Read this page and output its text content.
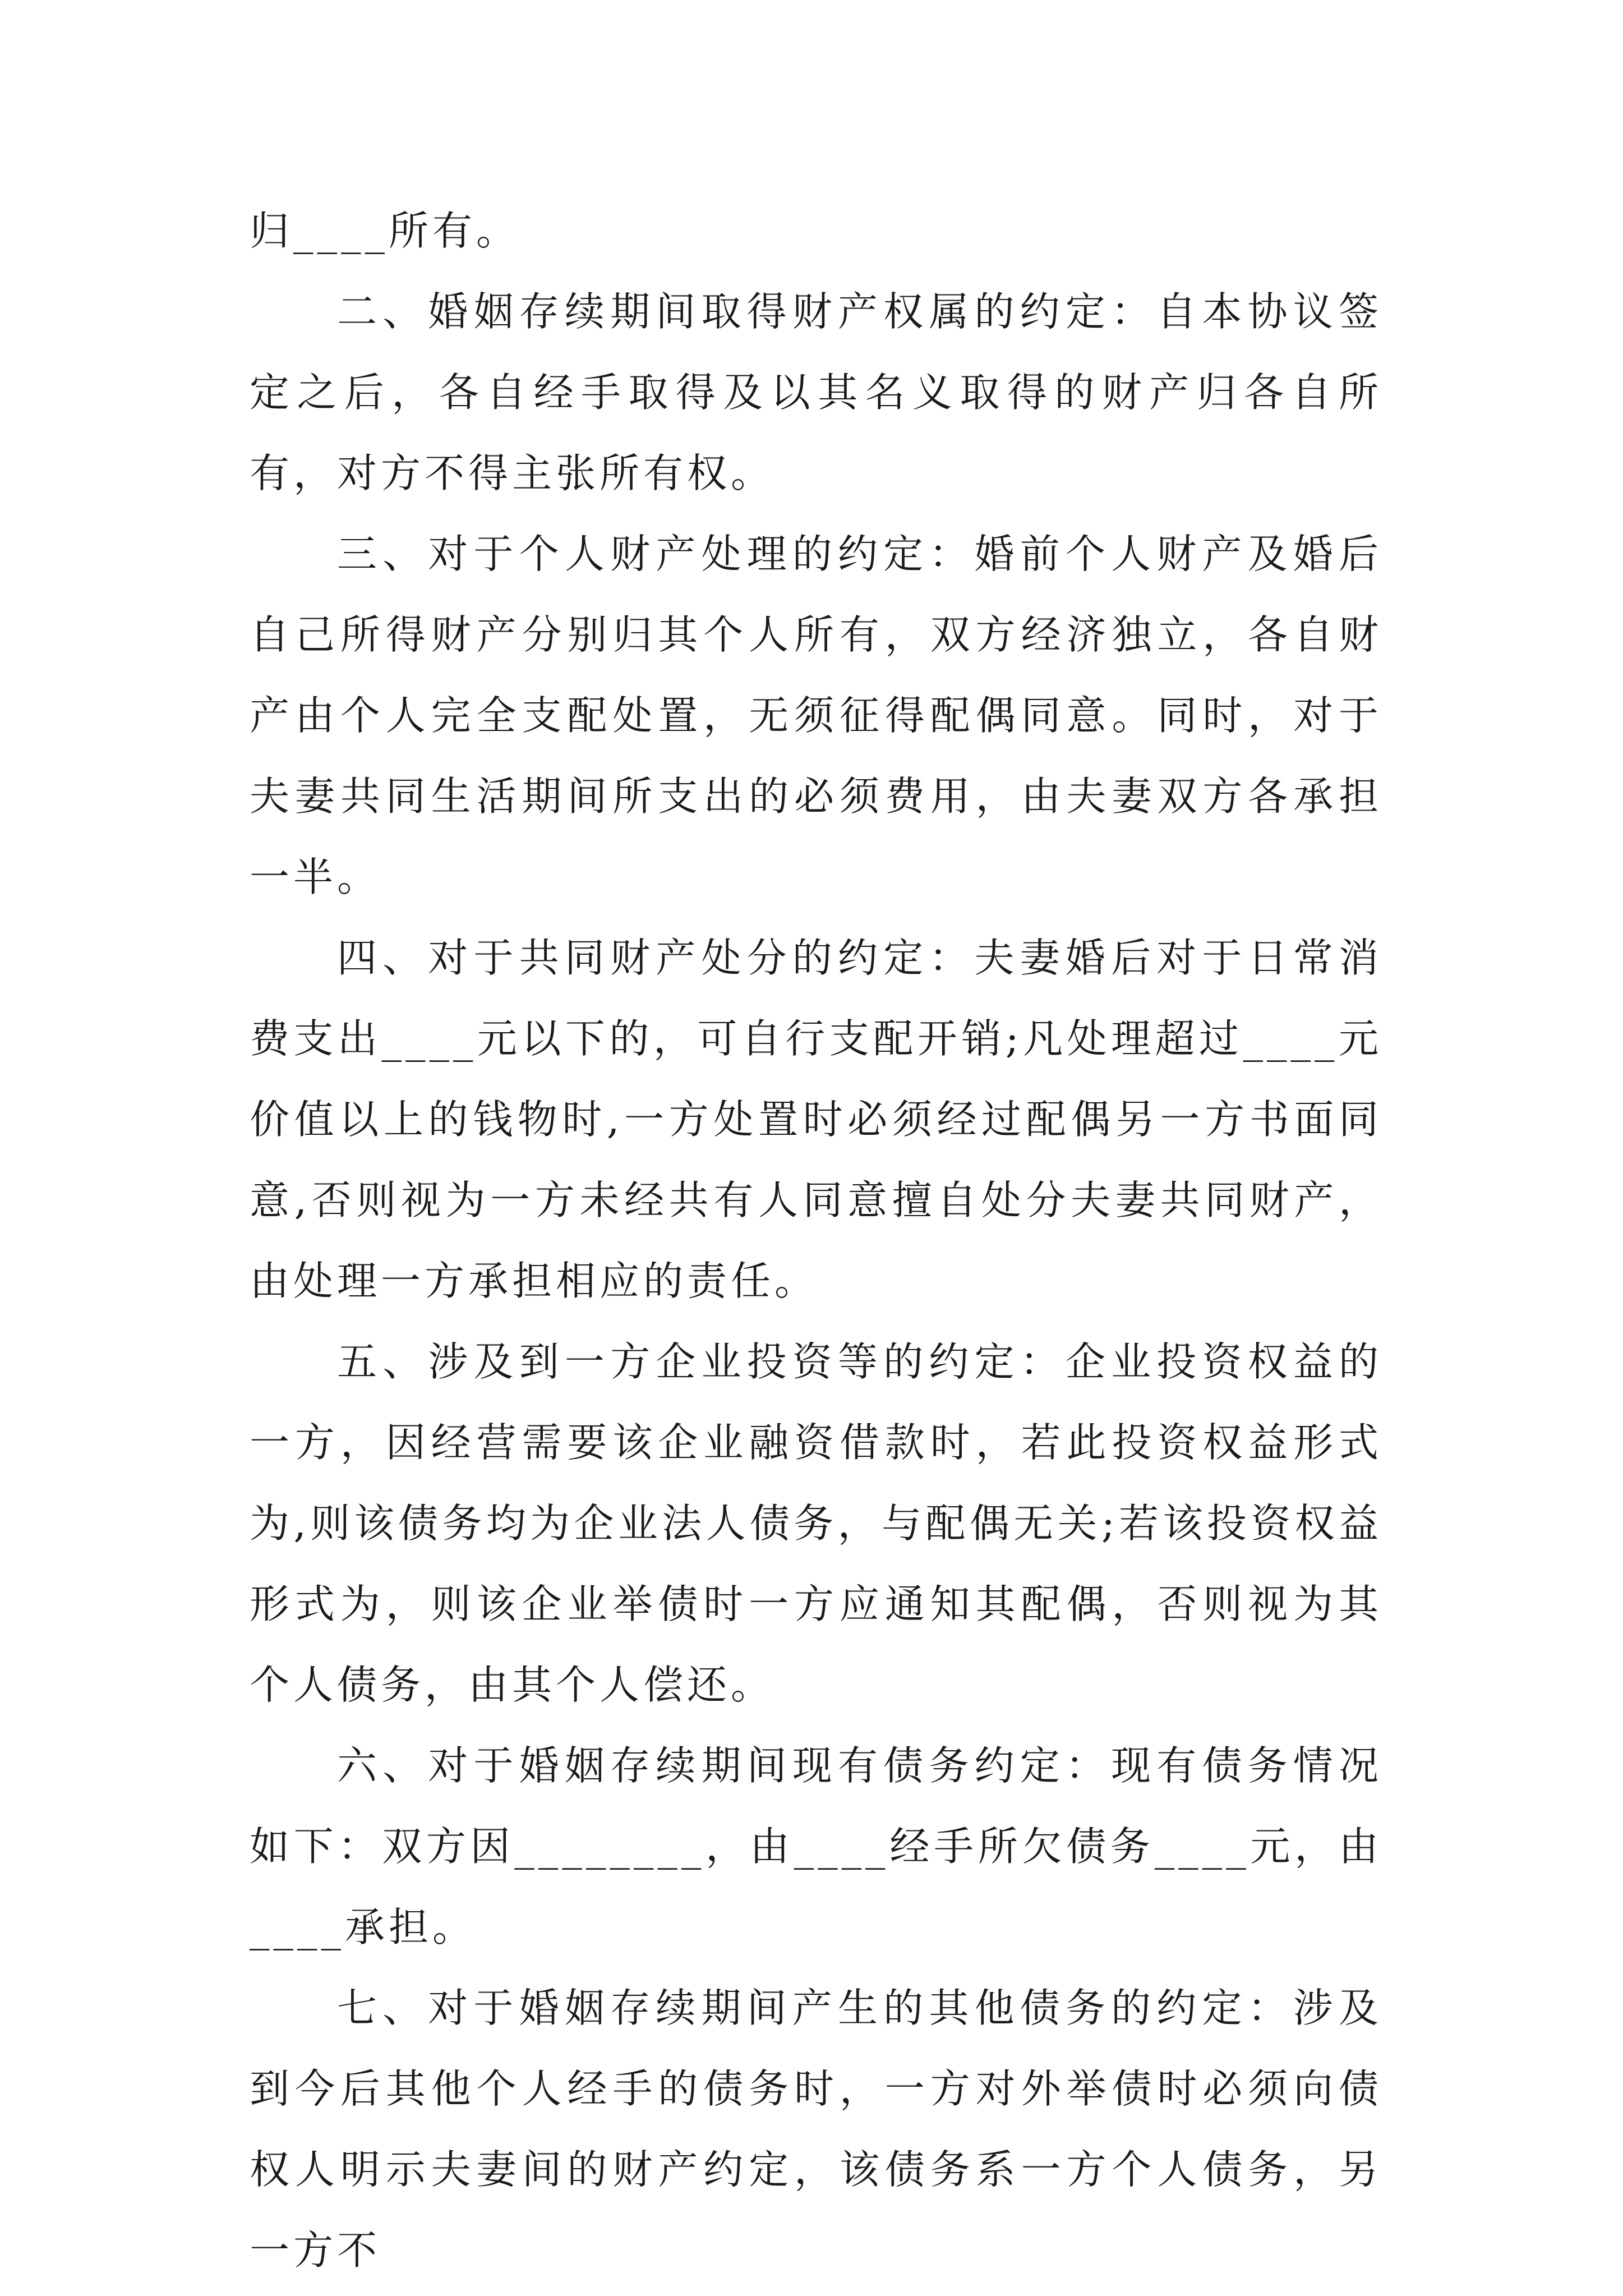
归____所有。

二、婚姻存续期间取得财产权属的约定：自本协议签定之后，各自经手取得及以其名义取得的财产归各自所有，对方不得主张所有权。

三、对于个人财产处理的约定：婚前个人财产及婚后自己所得财产分别归其个人所有，双方经济独立，各自财产由个人完全支配处置，无须征得配偶同意。同时，对于夫妻共同生活期间所支出的必须费用，由夫妻双方各承担一半。

四、对于共同财产处分的约定：夫妻婚后对于日常消费支出____元以下的，可自行支配开销;凡处理超过____元价值以上的钱物时,一方处置时必须经过配偶另一方书面同意,否则视为一方未经共有人同意擅自处分夫妻共同财产，由处理一方承担相应的责任。

五、涉及到一方企业投资等的约定：企业投资权益的一方，因经营需要该企业融资借款时，若此投资权益形式为,则该债务均为企业法人债务，与配偶无关;若该投资权益形式为，则该企业举债时一方应通知其配偶，否则视为其个人债务，由其个人偿还。

六、对于婚姻存续期间现有债务约定：现有债务情况如下：双方因________，由____经手所欠债务____元，由____承担。

七、对于婚姻存续期间产生的其他债务的约定：涉及到今后其他个人经手的债务时，一方对外举债时必须向债权人明示夫妻间的财产约定，该债务系一方个人债务，另一方不
